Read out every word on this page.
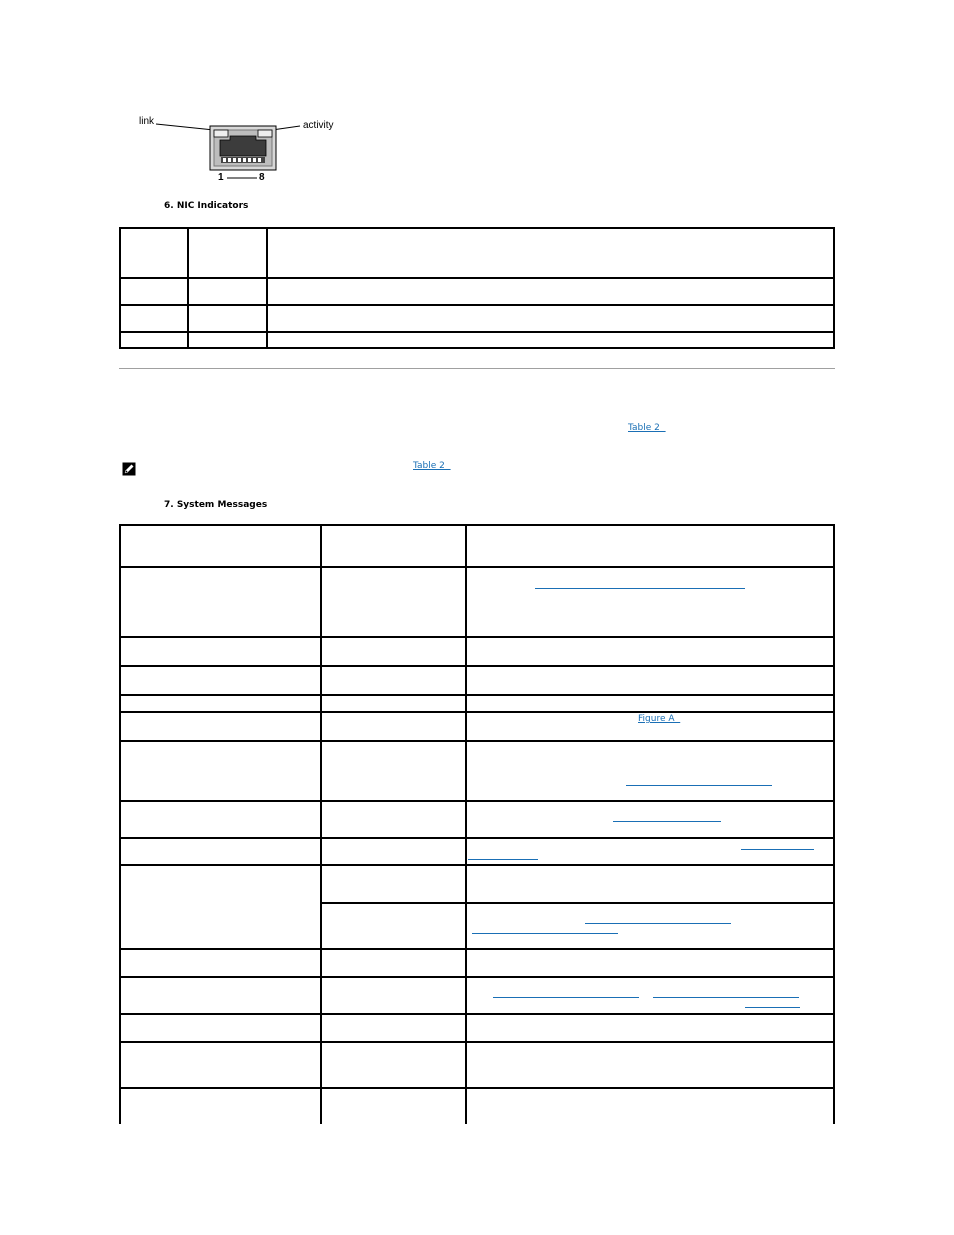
link	activity
1	8
6. NIC Indicators

Table 2
Table 2
7. System Messages

Figure A
